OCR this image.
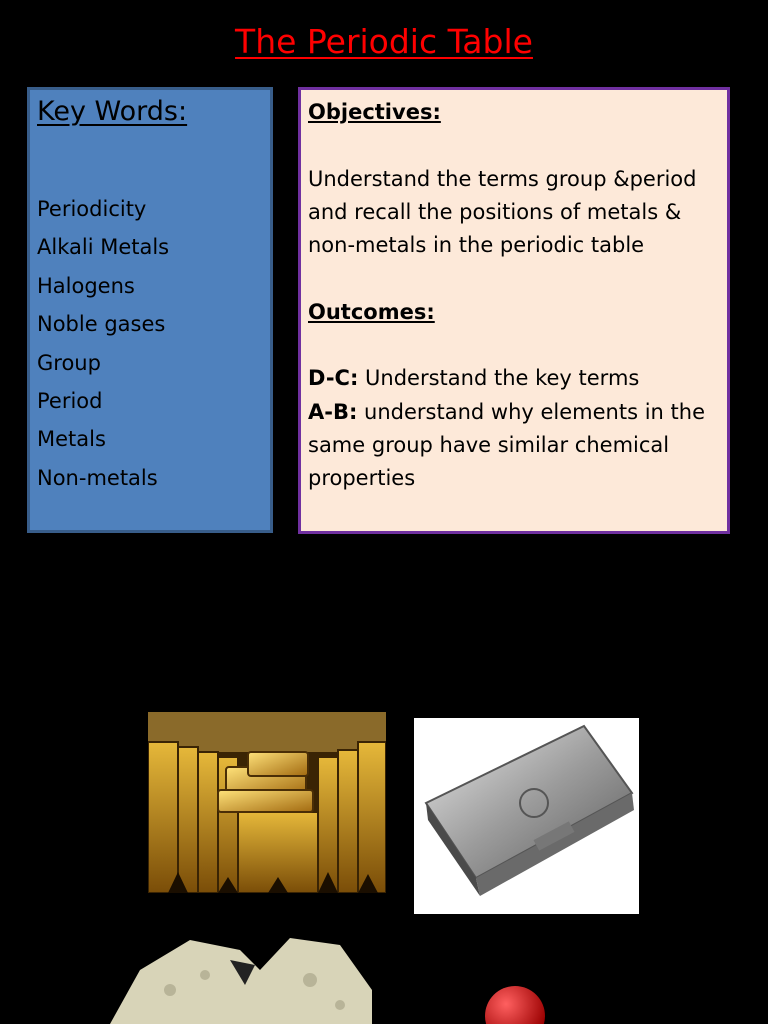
The Periodic Table
Key Words:
Periodicity
Alkali Metals
Halogens
Noble gases
Group
Period
Metals
Non-metals

Objectives:

Understand the terms group &period and recall the positions of metals & non-metals in the periodic table

Outcomes:

D-C: Understand the key terms

A-B: understand why elements in the same group have similar chemical properties
